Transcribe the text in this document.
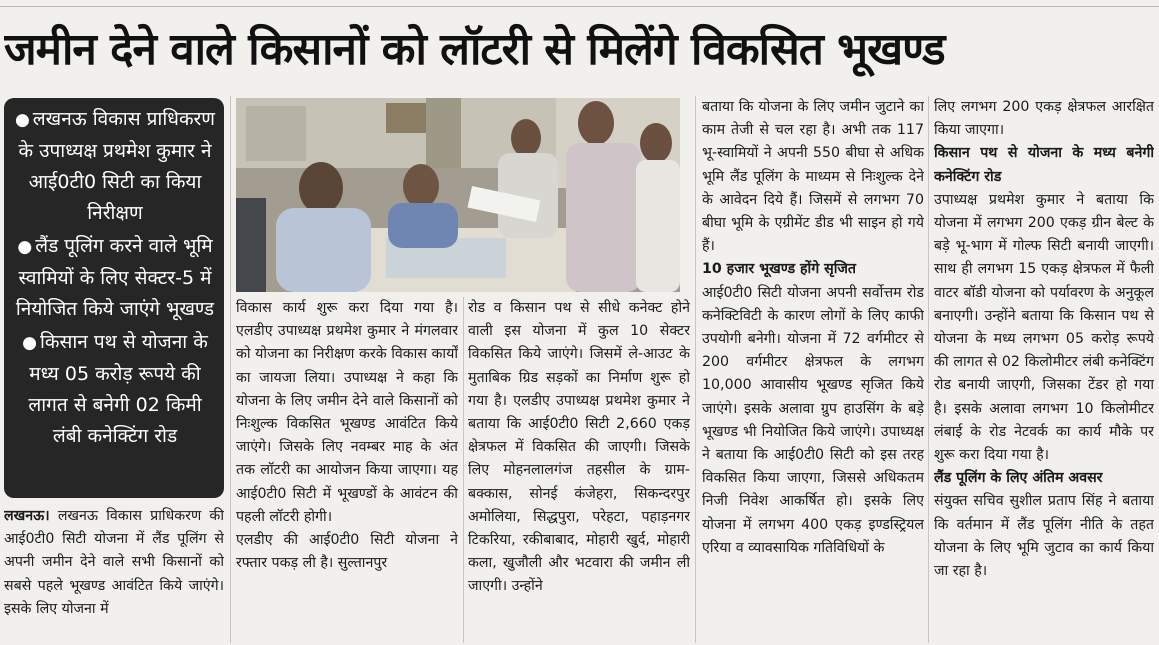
जमीन देने वाले किसानों को लॉटरी से मिलेंगे विकसित भूखण्ड
● लखनऊ विकास प्राधिकरण के उपाध्यक्ष प्रथमेश कुमार ने आई0टी0 सिटी का किया निरीक्षण
● लैंड पूलिंग करने वाले भूमि स्वामियों के लिए सेक्टर-5 में नियोजित किये जाएंगे भूखण्ड
● किसान पथ से योजना के मध्य 05 करोड़ रूपये की लागत से बनेगी 02 किमी लंबी कनेक्टिंग रोड

लखनऊ। लखनऊ विकास प्राधिकरण की आई0टी0 सिटी योजना में लैंड पूलिंग से अपनी जमीन देने वाले सभी किसानों को सबसे पहले भूखण्ड आवंटित किये जाएंगे। इसके लिए योजना में

विकास कार्य शुरू करा दिया गया है। एलडीए उपाध्यक्ष प्रथमेश कुमार ने मंगलवार को योजना का निरीक्षण करके विकास कार्यों का जायजा लिया। उपाध्यक्ष ने कहा कि योजना के लिए जमीन देने वाले किसानों को निःशुल्क विकसित भूखण्ड आवंटित किये जाएंगे। जिसके लिए नवम्बर माह के अंत तक लॉटरी का आयोजन किया जाएगा। यह आई0टी0 सिटी में भूखण्डों के आवंटन की पहली लॉटरी होगी।

एलडीए की आई0टी0 सिटी योजना ने रफ्तार पकड़ ली है। सुल्तानपुर

रोड व किसान पथ से सीधे कनेक्ट होने वाली इस योजना में कुल 10 सेक्टर विकसित किये जाएंगे। जिसमें ले-आउट के मुताबिक ग्रिड सड़कों का निर्माण शुरू हो गया है। एलडीए उपाध्यक्ष प्रथमेश कुमार ने बताया कि आई0टी0 सिटी 2,660 एकड़ क्षेत्रफल में विकसित की जाएगी। जिसके लिए मोहनलालगंज तहसील के ग्राम-बक्कास, सोनई कंजेहरा, सिकन्दरपुर अमोलिया, सिद्धपुरा, परेहटा, पहाड़नगर टिकरिया, रकीबाबाद, मोहारी खुर्द, मोहारी कला, खुजौली और भटवारा की जमीन ली जाएगी। उन्होंने

बताया कि योजना के लिए जमीन जुटाने का काम तेजी से चल रहा है। अभी तक 117 भू-स्वामियों ने अपनी 550 बीघा से अधिक भूमि लैंड पूलिंग के माध्यम से निःशुल्क देने के आवेदन दिये हैं। जिसमें से लगभग 70 बीघा भूमि के एग्रीमेंट डीड भी साइन हो गये हैं।

10 हजार भूखण्ड होंगे सृजित

आई0टी0 सिटी योजना अपनी सर्वोत्तम रोड कनेक्टिविटी के कारण लोगों के लिए काफी उपयोगी बनेगी। योजना में 72 वर्गमीटर से 200 वर्गमीटर क्षेत्रफल के लगभग 10,000 आवासीय भूखण्ड सृजित किये जाएंगे। इसके अलावा ग्रुप हाउसिंग के बड़े भूखण्ड भी नियोजित किये जाएंगे। उपाध्यक्ष ने बताया कि आई0टी0 सिटी को इस तरह विकसित किया जाएगा, जिससे अधिकतम निजी निवेश आकर्षित हो। इसके लिए योजना में लगभग 400 एकड़ इण्डस्ट्रियल एरिया व व्यावसायिक गतिविधियों के

लिए लगभग 200 एकड़ क्षेत्रफल आरक्षित किया जाएगा।

किसान पथ से योजना के मध्य बनेगी कनेक्टिंग रोड

उपाध्यक्ष प्रथमेश कुमार ने बताया कि योजना में लगभग 200 एकड़ ग्रीन बेल्ट के बड़े भू-भाग में गोल्फ सिटी बनायी जाएगी। साथ ही लगभग 15 एकड़ क्षेत्रफल में फैली वाटर बॉडी योजना को पर्यावरण के अनुकूल बनाएगी। उन्होंने बताया कि किसान पथ से योजना के मध्य लगभग 05 करोड़ रूपये की लागत से 02 किलोमीटर लंबी कनेक्टिंग रोड बनायी जाएगी, जिसका टेंडर हो गया है। इसके अलावा लगभग 10 किलोमीटर लंबाई के रोड नेटवर्क का कार्य मौके पर शुरू करा दिया गया है।

लैंड पूलिंग के लिए अंतिम अवसर

संयुक्त सचिव सुशील प्रताप सिंह ने बताया कि वर्तमान में लैंड पूलिंग नीति के तहत योजना के लिए भूमि जुटाव का कार्य किया जा रहा है।
